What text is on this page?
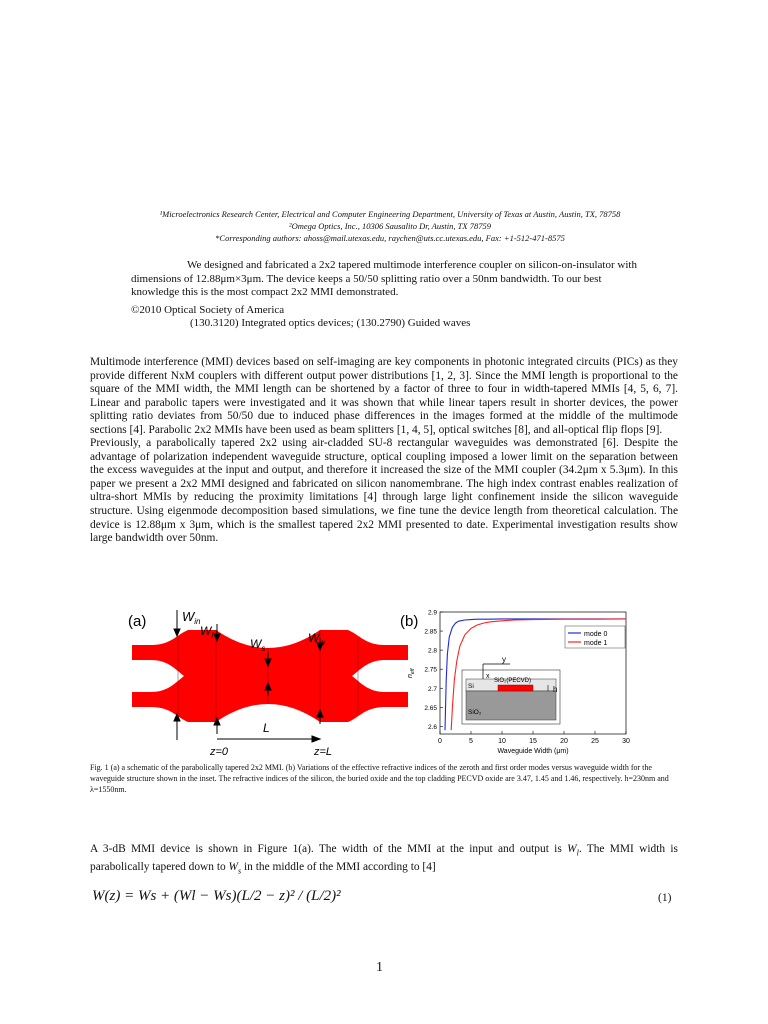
¹Microelectronics Research Center, Electrical and Computer Engineering Department, University of Texas at Austin, Austin, TX, 78758
²Omega Optics, Inc., 10306 Sausalito Dr, Austin, TX 78759
*Corresponding authors: ahoss@mail.utexas.edu, raychen@uts.cc.utexas.edu, Fax: +1-512-471-8575
We designed and fabricated a 2x2 tapered multimode interference coupler on silicon-on-insulator with dimensions of 12.88μm×3μm. The device keeps a 50/50 splitting ratio over a 50nm bandwidth. To our best knowledge this is the most compact 2x2 MMI demonstrated.
©2010 Optical Society of America
(130.3120) Integrated optics devices; (130.2790) Guided waves

Multimode interference (MMI) devices based on self-imaging are key components in photonic integrated circuits (PICs) as they provide different NxM couplers with different output power distributions [1, 2, 3]. Since the MMI length is proportional to the square of the MMI width, the MMI length can be shortened by a factor of three to four in width-tapered MMIs [4, 5, 6, 7]. Linear and parabolic tapers were investigated and it was shown that while linear tapers result in shorter devices, the power splitting ratio deviates from 50/50 due to induced phase differences in the images formed at the middle of the multimode sections [4]. Parabolic 2x2 MMIs have been used as beam splitters [1, 4, 5], optical switches [8], and all-optical flip flops [9].

Previously, a parabolically tapered 2x2 using air-cladded SU-8 rectangular waveguides was demonstrated [6]. Despite the advantage of polarization independent waveguide structure, optical coupling imposed a lower limit on the separation between the excess waveguides at the input and output, and therefore it increased the size of the MMI coupler (34.2μm x 5.3μm). In this paper we present a 2x2 MMI designed and fabricated on silicon nanomembrane. The high index contrast enables realization of ultra-short MMIs by reducing the proximity limitations [4] through large light confinement inside the silicon waveguide structure. Using eigenmode decomposition based simulations, we fine tune the device length from theoretical calculation. The device is 12.88μm x 3μm, which is the smallest tapered 2x2 MMI presented to date. Experimental investigation results show large bandwidth over 50nm.

(a)	$W_{in}$
$W_l$
$W_s$
$W_w$
L
z=0	z=L
(b)
0	5	10	15	20	25	30
2.6
2.65
2.7
2.75
2.8
2.85
2.9
Waveguide Width (μm)
$n_{eff}$
mode 0
mode 1
x
y
Si
SiO₂(PECVD)
h
SiO₂
Fig. 1 (a) a schematic of the parabolically tapered 2x2 MMI. (b) Variations of the effective refractive indices of the zeroth and first order modes versus waveguide width for the waveguide structure shown in the inset. The refractive indices of the silicon, the buried oxide and the top cladding PECVD oxide are 3.47, 1.45 and 1.46, respectively. h=230nm and λ=1550nm.
A 3-dB MMI device is shown in Figure 1(a). The width of the MMI at the input and output is $W_l$. The MMI width is parabolically tapered down to $W_s$ in the middle of the MMI according to [4]
W(z) = Ws + (Wl − Ws)(L/2 − z)² / (L/2)²	(1)
1
